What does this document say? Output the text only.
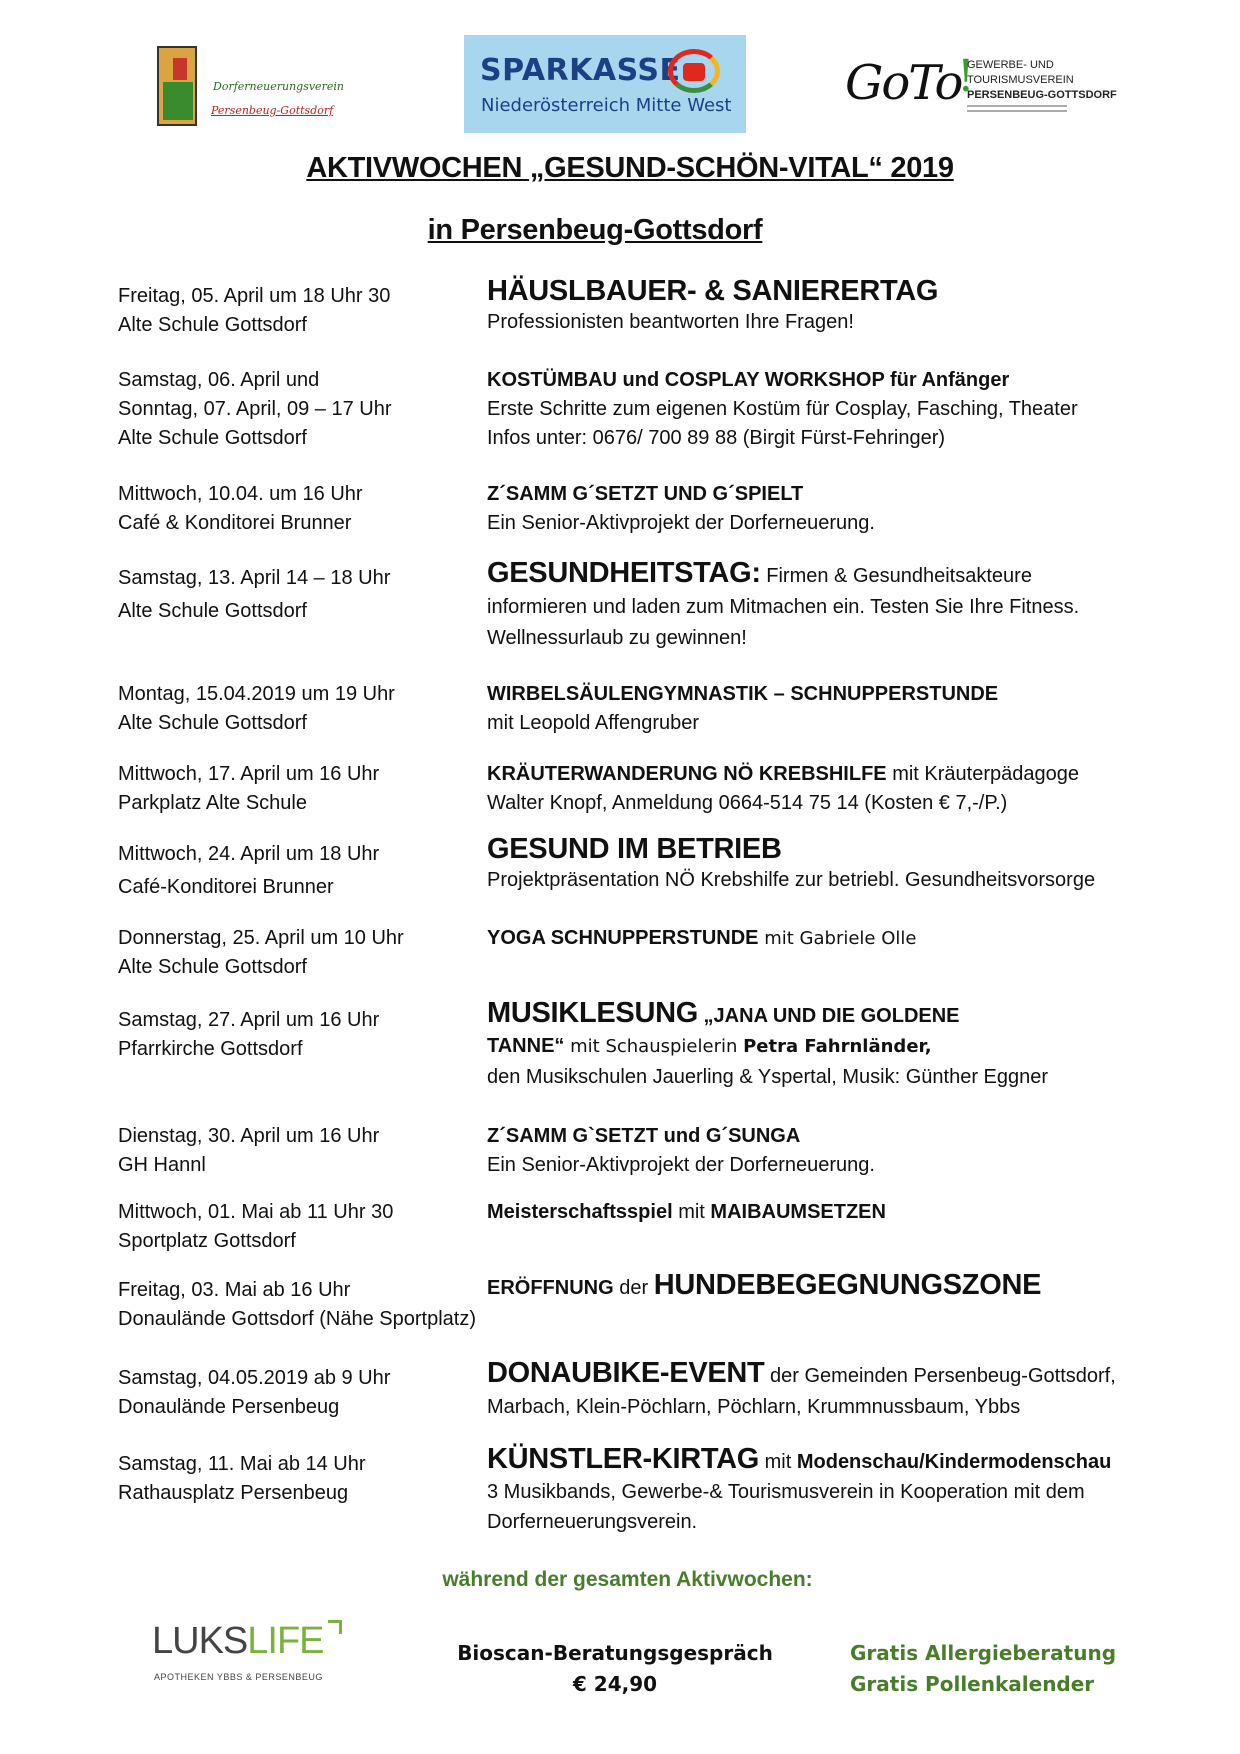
Dorferneuerungsverein
Persenbeug-Gottsdorf
SPARKASSE
Niederösterreich Mitte West GoTo
!
GEWERBE- UND
TOURISMUSVEREIN
PERSENBEUG-GOTTSDORF
AKTIVWOCHEN „GESUND-SCHÖN-VITAL“ 2019
in Persenbeug-Gottsdorf
Freitag, 05. April um 18 Uhr 30
Alte Schule Gottsdorf
HÄUSLBAUER- & SANIERERTAG
Professionisten beantworten Ihre Fragen!
Samstag, 06. April und
Sonntag, 07. April, 09 – 17 Uhr
Alte Schule Gottsdorf
KOSTÜMBAU und COSPLAY WORKSHOP für Anfänger
Erste Schritte zum eigenen Kostüm für Cosplay, Fasching, Theater
Infos unter: 0676/ 700 89 88 (Birgit Fürst-Fehringer)
Mittwoch, 10.04. um 16 Uhr
Café & Konditorei Brunner
Z´SAMM G´SETZT UND G´SPIELT
Ein Senior-Aktivprojekt der Dorferneuerung.
Samstag, 13. April 14 – 18 Uhr
Alte Schule Gottsdorf
GESUNDHEITSTAG: Firmen & Gesundheitsakteure
informieren und laden zum Mitmachen ein. Testen Sie Ihre Fitness.
Wellnessurlaub zu gewinnen!
Montag, 15.04.2019 um 19 Uhr
Alte Schule Gottsdorf
WIRBELSÄULENGYMNASTIK – SCHNUPPERSTUNDE
mit Leopold Affengruber
Mittwoch, 17. April um 16 Uhr
Parkplatz Alte Schule
KRÄUTERWANDERUNG NÖ KREBSHILFE mit Kräuterpädagoge
Walter Knopf, Anmeldung 0664-514 75 14 (Kosten € 7,-/P.)
Mittwoch, 24. April um 18 Uhr
Café-Konditorei Brunner
GESUND IM BETRIEB
Projektpräsentation NÖ Krebshilfe zur betriebl. Gesundheitsvorsorge
Donnerstag, 25. April um 10 Uhr
Alte Schule Gottsdorf
YOGA SCHNUPPERSTUNDE mit Gabriele Olle
Samstag, 27. April um 16 Uhr
Pfarrkirche Gottsdorf
MUSIKLESUNG „JANA UND DIE GOLDENE
TANNE“ mit Schauspielerin Petra Fahrnländer,
den Musikschulen Jauerling & Yspertal, Musik: Günther Eggner
Dienstag, 30. April um 16 Uhr
GH Hannl
Z´SAMM G`SETZT und G´SUNGA
Ein Senior-Aktivprojekt der Dorferneuerung.
Mittwoch, 01. Mai ab 11 Uhr 30
Sportplatz Gottsdorf
Meisterschaftsspiel mit MAIBAUMSETZEN
Freitag, 03. Mai ab 16 Uhr
Donaulände Gottsdorf (Nähe Sportplatz)
ERÖFFNUNG der HUNDEBEGEGNUNGSZONE
Samstag, 04.05.2019 ab 9 Uhr
Donaulände Persenbeug
DONAUBIKE-EVENT der Gemeinden Persenbeug-Gottsdorf,
Marbach, Klein-Pöchlarn, Pöchlarn, Krummnussbaum, Ybbs
Samstag, 11. Mai ab 14 Uhr
Rathausplatz Persenbeug
KÜNSTLER-KIRTAG mit Modenschau/Kindermodenschau
3 Musikbands, Gewerbe-& Tourismusverein in Kooperation mit dem
Dorferneuerungsverein.
während der gesamten Aktivwochen:
LUKSLIFE
APOTHEKEN YBBS & PERSENBEUG
Bioscan-Beratungsgespräch
€ 24,90
Gratis Allergieberatung
Gratis Pollenkalender
